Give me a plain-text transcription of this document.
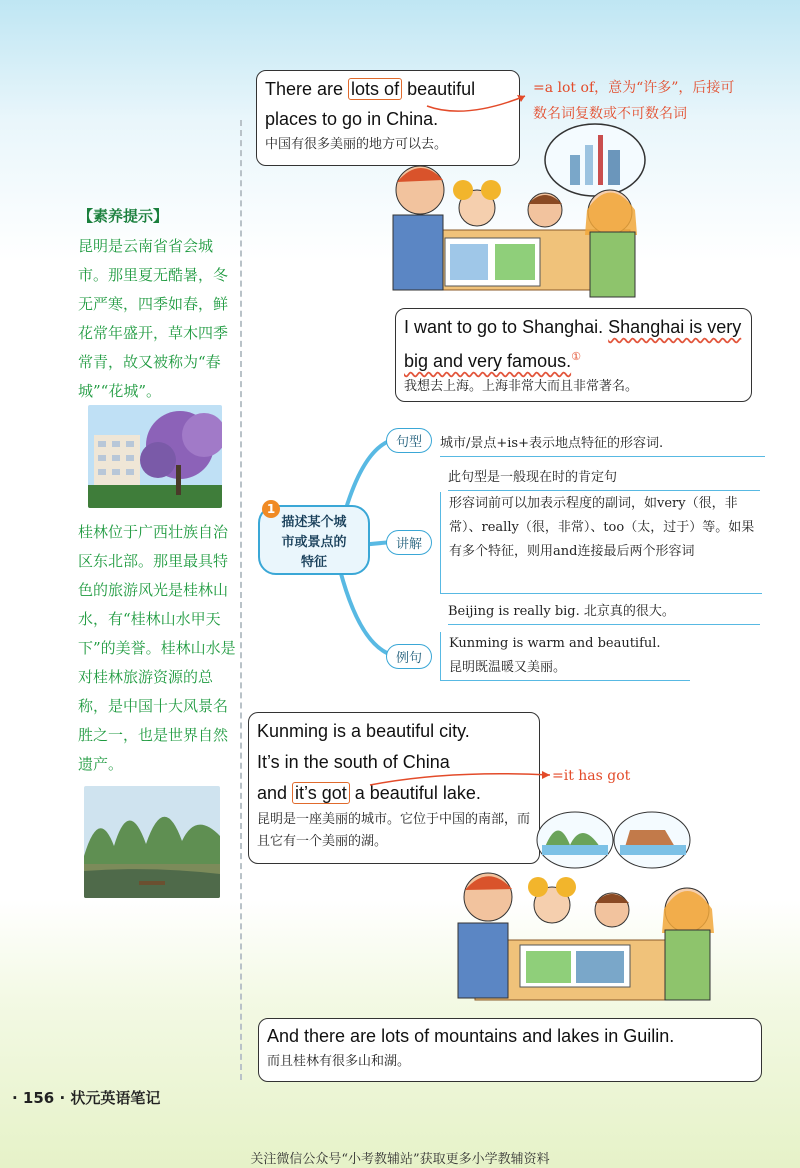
【素养提示】
昆明是云南省省会城市。那里夏无酷暑，冬无严寒，四季如春，鲜花常年盛开，草木四季常青，故又被称为“春城”“花城”。
桂林位于广西壮族自治区东北部。那里最具特色的旅游风光是桂林山水，有“桂林山水甲天下”的美誉。桂林山水是对桂林旅游资源的总称，是中国十大风景名胜之一，也是世界自然遗产。
There are lots of beautiful places to go in China.
中国有很多美丽的地方可以去。
=a lot of，意为“许多”，后接可数名词复数或不可数名词
I want to go to Shanghai. Shanghai is very big and very famous.①
我想去上海。上海非常大而且非常著名。
描述某个城
市或景点的
特征
1
句型	城市/景点+is+表示地点特征的形容词.
讲解
此句型是一般现在时的肯定句
形容词前可以加表示程度的副词，如very（很，非常）、really（很，非常）、too（太，过于）等。如果有多个特征，则用and连接最后两个形容词
例句
Beijing is really big. 北京真的很大。
Kunming is warm and beautiful.
昆明既温暖又美丽。
Kunming is a beautiful city.
It’s in the south of China
and it’s got a beautiful lake.
昆明是一座美丽的城市。它位于中国的南部，而且它有一个美丽的湖。
=it has got
And there are lots of mountains and lakes in Guilin.
而且桂林有很多山和湖。
· 156 · 状元英语笔记
关注微信公众号“小考教辅站”获取更多小学教辅资料
